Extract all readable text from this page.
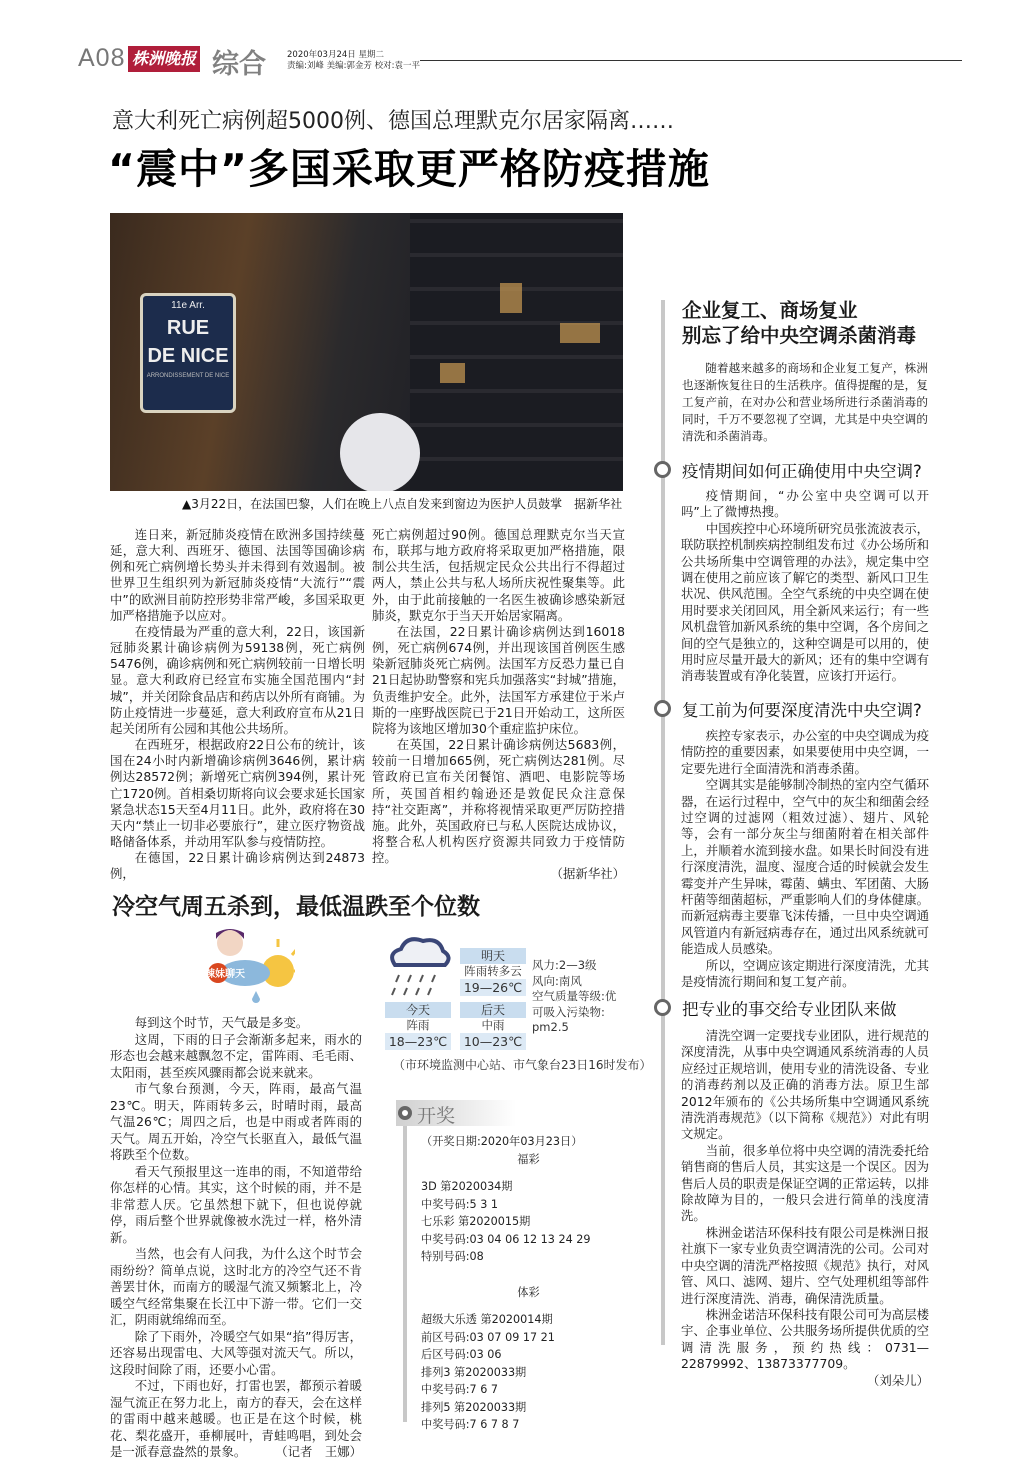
A08 株洲晚报 综合 2020年03月24日 星期二
责编:刘峰 美编:郭金芳 校对:袁一平
意大利死亡病例超5000例、德国总理默克尔居家隔离……
“震中”多国采取更严格防疫措施
11e Arr.
RUE
DE NICE
ARRONDISSEMENT DE NICE
▲3月22日，在法国巴黎，人们在晚上八点自发来到窗边为医护人员鼓掌　据新华社

连日来，新冠肺炎疫情在欧洲多国持续蔓延，意大利、西班牙、德国、法国等国确诊病例和死亡病例增长势头并未得到有效遏制。被世界卫生组织列为新冠肺炎疫情“大流行”“震中”的欧洲目前防控形势非常严峻，多国采取更加严格措施予以应对。

在疫情最为严重的意大利，22日，该国新冠肺炎累计确诊病例为59138例，死亡病例5476例，确诊病例和死亡病例较前一日增长明显。意大利政府已经宣布实施全国范围内“封城”，并关闭除食品店和药店以外所有商铺。为防止疫情进一步蔓延，意大利政府宣布从21日起关闭所有公园和其他公共场所。

在西班牙，根据政府22日公布的统计，该国在24小时内新增确诊病例3646例，累计病例达28572例；新增死亡病例394例，累计死亡1720例。首相桑切斯将向议会要求延长国家紧急状态15天至4月11日。此外，政府将在30天内“禁止一切非必要旅行”，建立医疗物资战略储备体系，并动用军队参与疫情防控。

在德国，22日累计确诊病例达到24873例，

死亡病例超过90例。德国总理默克尔当天宣布，联邦与地方政府将采取更加严格措施，限制公共生活，包括规定民众公共出行不得超过两人，禁止公共与私人场所庆祝性聚集等。此外，由于此前接触的一名医生被确诊感染新冠肺炎，默克尔于当天开始居家隔离。

在法国，22日累计确诊病例达到16018例，死亡病例674例，并出现该国首例医生感染新冠肺炎死亡病例。法国军方反恐力量已自21日起协助警察和宪兵加强落实“封城”措施，负责维护安全。此外，法国军方承建位于米卢斯的一座野战医院已于21日开始动工，这所医院将为该地区增加30个重症监护床位。

在英国，22日累计确诊病例达5683例，较前一日增加665例，死亡病例达281例。尽管政府已宣布关闭餐馆、酒吧、电影院等场所，英国首相约翰逊还是敦促民众注意保持“社交距离”，并称将视情采取更严厉防控措施。此外，英国政府已与私人医院达成协议，将整合私人机构医疗资源共同致力于疫情防控。

（据新华社）

企业复工、商场复业
别忘了给中央空调杀菌消毒

随着越来越多的商场和企业复工复产，株洲也逐渐恢复往日的生活秩序。值得提醒的是，复工复产前，在对办公和营业场所进行杀菌消毒的同时，千万不要忽视了空调，尤其是中央空调的清洗和杀菌消毒。

疫情期间如何正确使用中央空调?

疫情期间，“办公室中央空调可以开吗”上了微博热搜。

中国疾控中心环境所研究员张流波表示，联防联控机制疾病控制组发布过《办公场所和公共场所集中空调管理的办法》，规定集中空调在使用之前应该了解它的类型、新风口卫生状况、供风范围。全空气系统的中央空调在使用时要求关闭回风，用全新风来运行；有一些风机盘管加新风系统的集中空调，各个房间之间的空气是独立的，这种空调是可以用的，使用时应尽量开最大的新风；还有的集中空调有消毒装置或有净化装置，应该打开运行。

复工前为何要深度清洗中央空调?

疾控专家表示，办公室的中央空调成为疫情防控的重要因素，如果要使用中央空调，一定要先进行全面清洗和消毒杀菌。

空调其实是能够制冷制热的室内空气循环器，在运行过程中，空气中的灰尘和细菌会经过空调的过滤网（粗效过滤）、翅片、风轮等，会有一部分灰尘与细菌附着在相关部件上，并顺着水流到接水盘。如果长时间没有进行深度清洗，温度、湿度合适的时候就会发生霉变并产生异味，霉菌、螨虫、军团菌、大肠杆菌等细菌超标，严重影响人们的身体健康。而新冠病毒主要靠飞沫传播，一旦中央空调通风管道内有新冠病毒存在，通过出风系统就可能造成人员感染。

所以，空调应该定期进行深度清洗，尤其是疫情流行期间和复工复产前。

把专业的事交给专业团队来做

清洗空调一定要找专业团队，进行规范的深度清洗，从事中央空调通风系统消毒的人员应经过正规培训，使用专业的清洗设备、专业的消毒药剂以及正确的消毒方法。原卫生部2012年颁布的《公共场所集中空调通风系统清洗消毒规范》（以下简称《规范》）对此有明文规定。

当前，很多单位将中央空调的清洗委托给销售商的售后人员，其实这是一个误区。因为售后人员的职责是保证空调的正常运转，以排除故障为目的，一般只会进行简单的浅度清洗。

株洲金诺洁环保科技有限公司是株洲日报社旗下一家专业负责空调清洗的公司。公司对中央空调的清洗严格按照《规范》执行，对风管、风口、滤网、翅片、空气处理机组等部件进行深度清洗、消毒，确保清洗质量。

株洲金诺洁环保科技有限公司可为高层楼宇、企事业单位、公共服务场所提供优质的空调清洗服务，预约热线：0731—22879992、13873377709。

（刘朵儿）

冷空气周五杀到，最低温跌至个位数
辣妹聊天

每到这个时节，天气最是多变。

这周，下雨的日子会渐渐多起来，雨水的形态也会越来越飘忽不定，雷阵雨、毛毛雨、太阳雨，甚至疾风骤雨都会说来就来。

市气象台预测，今天，阵雨，最高气温23℃。明天，阵雨转多云，时晴时雨，最高气温26℃；周四之后，也是中雨或者阵雨的天气。周五开始，冷空气长驱直入，最低气温将跌至个位数。

看天气预报里这一连串的雨，不知道带给你怎样的心情。其实，这个时候的雨，并不是非常惹人厌。它虽然想下就下，但也说停就停，雨后整个世界就像被水洗过一样，格外清新。

当然，也会有人问我，为什么这个时节会雨纷纷？简单点说，这时北方的冷空气还不肯善罢甘休，而南方的暖湿气流又频繁北上，冷暖空气经常集聚在长江中下游一带。它们一交汇，阴雨就绵绵而至。

除了下雨外，冷暖空气如果“掐”得厉害，还容易出现雷电、大风等强对流天气。所以，这段时间除了雨，还要小心雷。

不过，下雨也好，打雷也罢，都预示着暖湿气流正在努力北上，南方的春天，会在这样的雷雨中越来越暖。也正是在这个时候，桃花、梨花盛开，垂柳展叶，青蛙鸣唱，到处会是一派春意盎然的景象。	（记者　王娜）

明天
阵雨转多云
19—26℃
今天
阵雨
18—23℃
后天
中雨
10—23℃
风力:2—3级
风向:南风
空气质量等级:优
可吸入污染物:
pm2.5
（市环境监测中心站、市气象台23日16时发布）
开奖
（开奖日期:2020年03月23日）
福彩
3D 第2020034期
中奖号码:5 3 1
七乐彩 第2020015期
中奖号码:03 04 06 12 13 24 29
特别号码:08
体彩
超级大乐透 第2020014期
前区号码:03 07 09 17 21
后区号码:03 06
排列3 第2020033期
中奖号码:7 6 7
排列5 第2020033期
中奖号码:7 6 7 8 7
